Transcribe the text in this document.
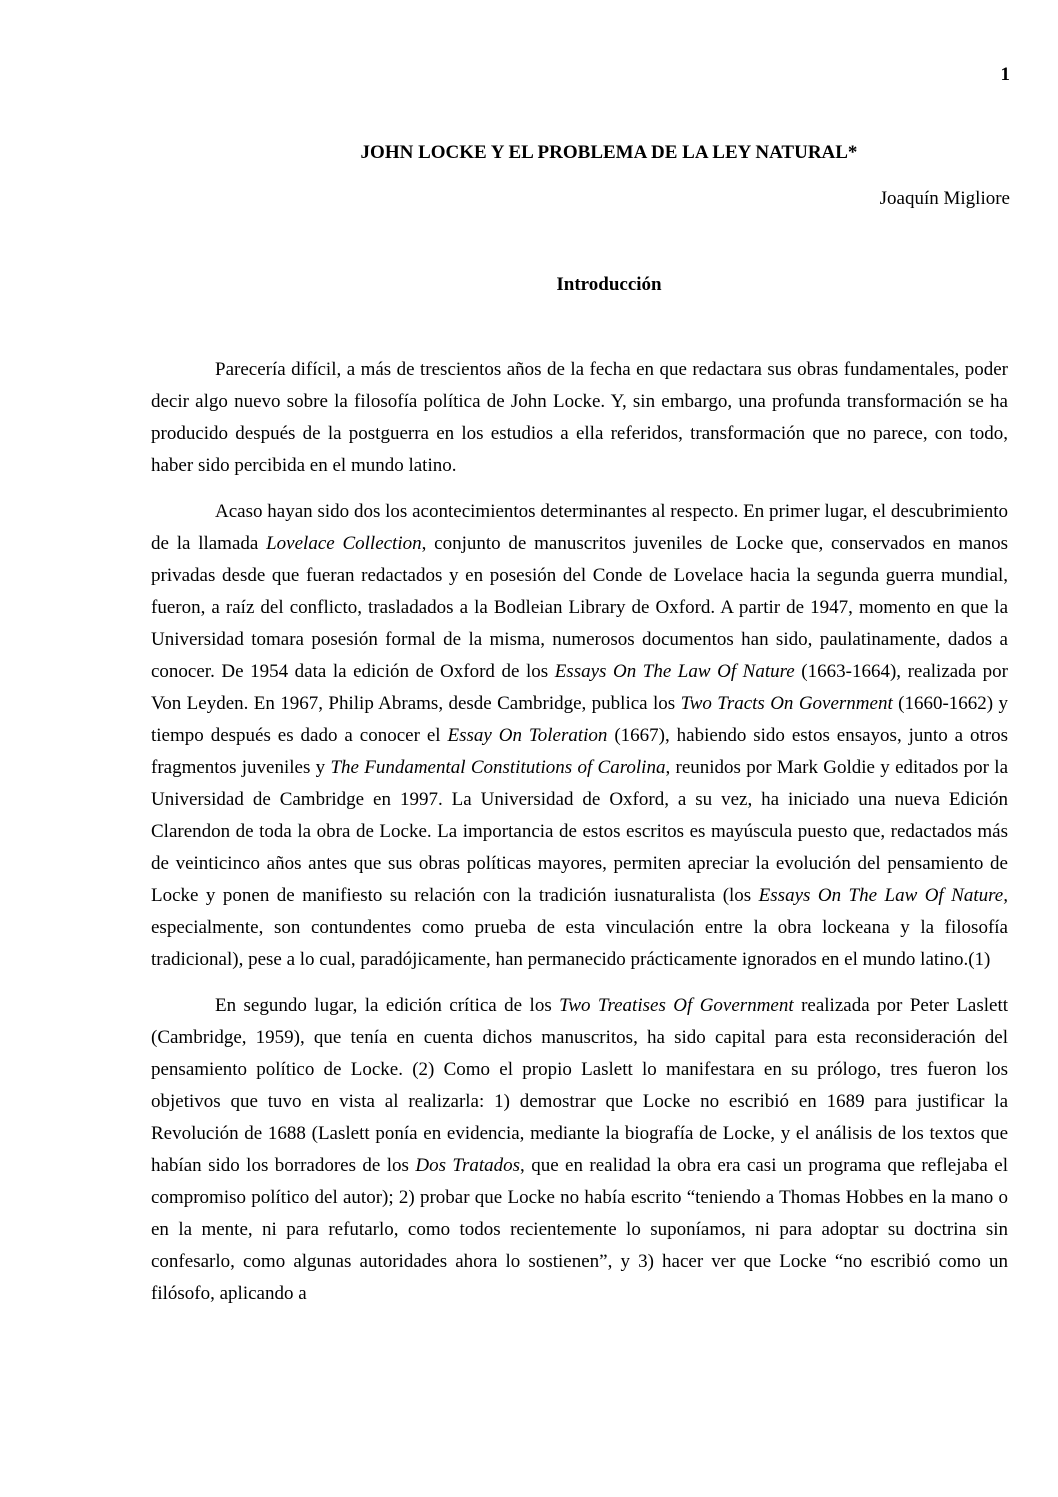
1
JOHN LOCKE Y EL PROBLEMA DE LA LEY NATURAL*
Joaquín Migliore
Introducción

Parecería difícil, a más de trescientos años de la fecha en que redactara sus obras fundamentales, poder decir algo nuevo sobre la filosofía política de John Locke. Y, sin embargo, una profunda transformación se ha producido después de la postguerra en los estudios a ella referidos, transformación que no parece, con todo, haber sido percibida en el mundo latino.

Acaso hayan sido dos los acontecimientos determinantes al respecto. En primer lugar, el descubrimiento de la llamada Lovelace Collection, conjunto de manuscritos juveniles de Locke que, conservados en manos privadas desde que fueran redactados y en posesión del Conde de Lovelace hacia la segunda guerra mundial, fueron, a raíz del conflicto, trasladados a la Bodleian Library de Oxford. A partir de 1947, momento en que la Universidad tomara posesión formal de la misma, numerosos documentos han sido, paulatinamente, dados a conocer. De 1954 data la edición de Oxford de los Essays On The Law Of Nature (1663-1664), realizada por Von Leyden. En 1967, Philip Abrams, desde Cambridge, publica los Two Tracts On Government (1660-1662) y tiempo después es dado a conocer el Essay On Toleration (1667), habiendo sido estos ensayos, junto a otros fragmentos juveniles y The Fundamental Constitutions of Carolina, reunidos por Mark Goldie y editados por la Universidad de Cambridge en 1997. La Universidad de Oxford, a su vez, ha iniciado una nueva Edición Clarendon de toda la obra de Locke. La importancia de estos escritos es mayúscula puesto que, redactados más de veinticinco años antes que sus obras políticas mayores, permiten apreciar la evolución del pensamiento de Locke y ponen de manifiesto su relación con la tradición iusnaturalista (los Essays On The Law Of Nature, especialmente, son contundentes como prueba de esta vinculación entre la obra lockeana y la filosofía tradicional), pese a lo cual, paradójicamente, han permanecido prácticamente ignorados en el mundo latino.(1)

En segundo lugar, la edición crítica de los Two Treatises Of Government realizada por Peter Laslett (Cambridge, 1959), que tenía en cuenta dichos manuscritos, ha sido capital para esta reconsideración del pensamiento político de Locke. (2) Como el propio Laslett lo manifestara en su prólogo, tres fueron los objetivos que tuvo en vista al realizarla: 1) demostrar que Locke no escribió en 1689 para justificar la Revolución de 1688 (Laslett ponía en evidencia, mediante la biografía de Locke, y el análisis de los textos que habían sido los borradores de los Dos Tratados, que en realidad la obra era casi un programa que reflejaba el compromiso político del autor); 2) probar que Locke no había escrito “teniendo a Thomas Hobbes en la mano o en la mente, ni para refutarlo, como todos recientemente lo suponíamos, ni para adoptar su doctrina sin confesarlo, como algunas autoridades ahora lo sostienen”, y 3) hacer ver que Locke “no escribió como un filósofo, aplicando a
